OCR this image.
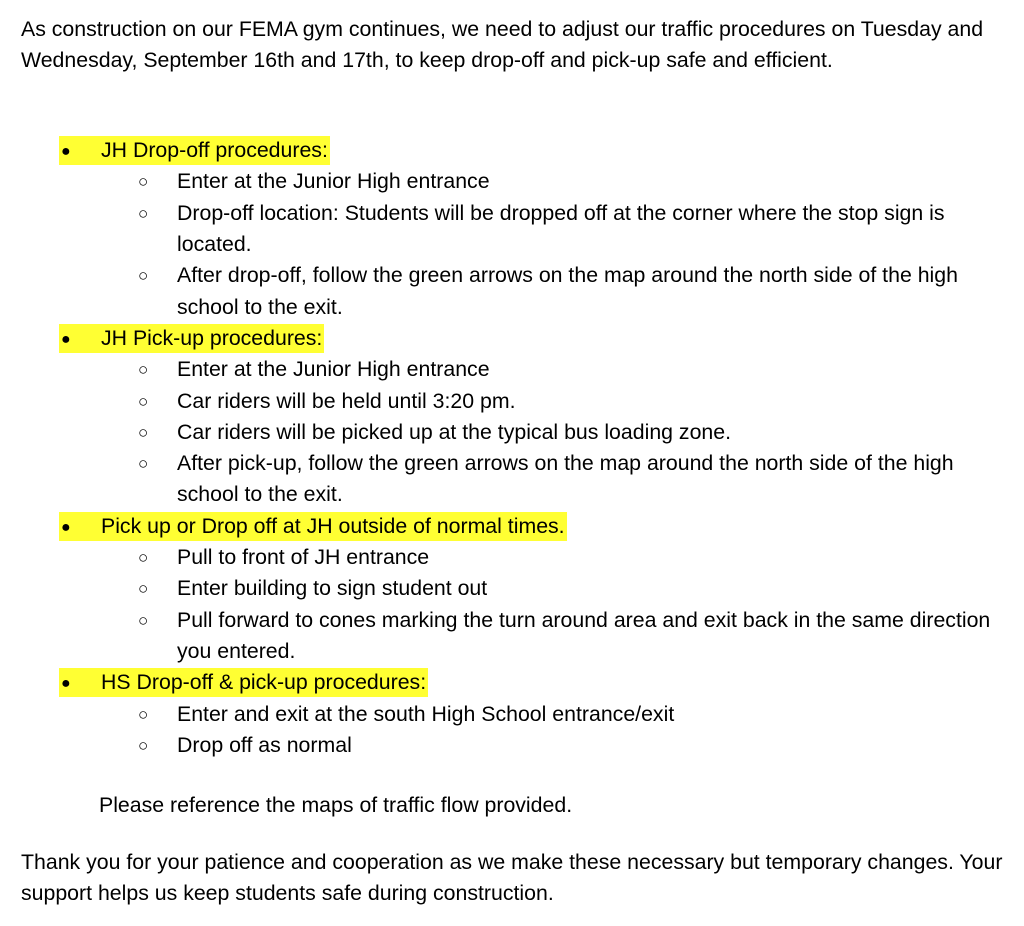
As construction on our FEMA gym continues, we need to adjust our traffic procedures on Tuesday and Wednesday, September 16th and 17th, to keep drop-off and pick-up safe and efficient.

● JH Drop-off procedures:
○ Enter at the Junior High entrance
○ Drop-off location: Students will be dropped off at the corner where the stop sign is located.
○ After drop-off, follow the green arrows on the map around the north side of the high school to the exit.
● JH Pick-up procedures:
○ Enter at the Junior High entrance
○ Car riders will be held until 3:20 pm.
○ Car riders will be picked up at the typical bus loading zone.
○ After pick-up, follow the green arrows on the map around the north side of the high school to the exit.
● Pick up or Drop off at JH outside of normal times.
○ Pull to front of JH entrance
○ Enter building to sign student out
○ Pull forward to cones marking the turn around area and exit back in the same direction you entered.
● HS Drop-off & pick-up procedures:
○ Enter and exit at the south High School entrance/exit
○ Drop off as normal

Please reference the maps of traffic flow provided.

Thank you for your patience and cooperation as we make these necessary but temporary changes. Your support helps us keep students safe during construction.
